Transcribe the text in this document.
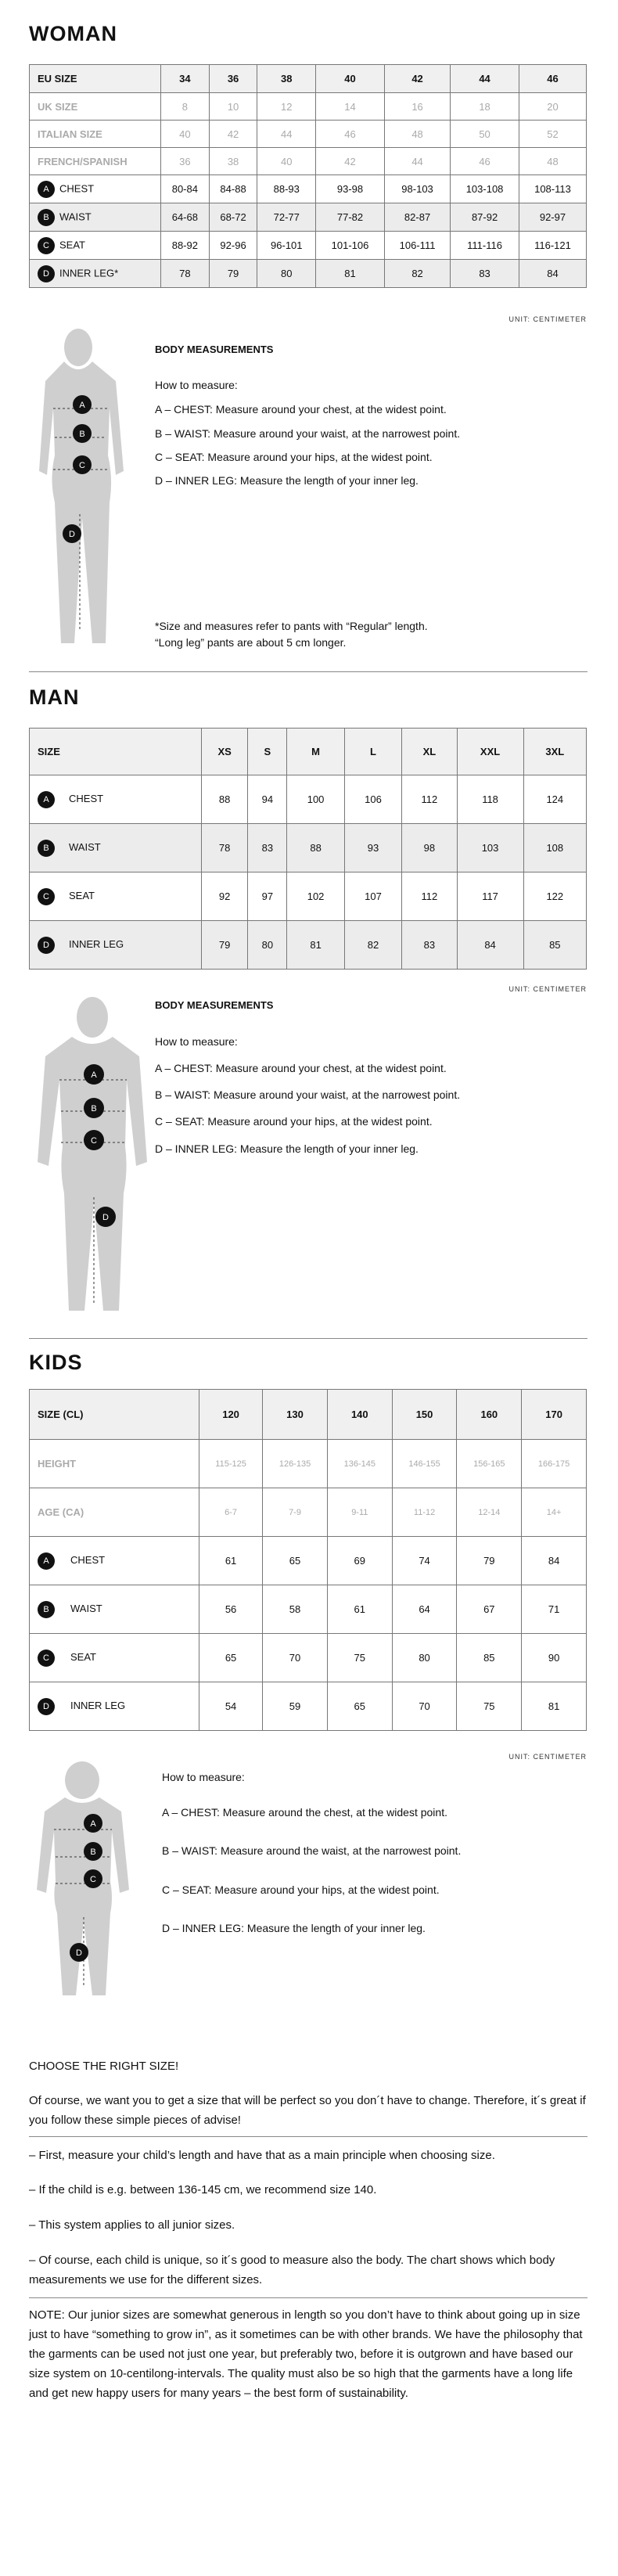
WOMAN
EU SIZE	34	36	38	40	42	44	46
UK SIZE	8	10	12	14	16	18	20
ITALIAN SIZE	40	42	44	46	48	50	52
FRENCH/SPANISH	36	38	40	42	44	46	48
A CHEST	80-84	84-88	88-93	93-98	98-103	103-108	108-113
B WAIST	64-68	68-72	72-77	77-82	82-87	87-92	92-97
C SEAT	88-92	92-96	96-101	101-106	106-111	111-116	116-121
D INNER LEG*	78	79	80	81	82	83	84
UNIT: CENTIMETER
A
B
C
D
BODY MEASUREMENTS
How to measure:
A – CHEST: Measure around your chest, at the widest point.
B – WAIST: Measure around your waist, at the narrowest point.
C – SEAT: Measure around your hips, at the widest point.
D – INNER LEG: Measure the length of your inner leg.
*Size and measures refer to pants with “Regular” length.
“Long leg” pants are about 5 cm longer.
MAN
SIZE	XS	S	M	L	XL	XXL	3XL
A CHEST	88	94	100	106	112	118	124
B WAIST	78	83	88	93	98	103	108
C SEAT	92	97	102	107	112	117	122
D INNER LEG	79	80	81	82	83	84	85
UNIT: CENTIMETER
A
B
C
D
BODY MEASUREMENTS
How to measure:
A – CHEST: Measure around your chest, at the widest point.
B – WAIST: Measure around your waist, at the narrowest point.
C – SEAT: Measure around your hips, at the widest point.
D – INNER LEG: Measure the length of your inner leg.
KIDS
SIZE (CL)	120	130	140	150	160	170
HEIGHT	115-125	126-135	136-145	146-155	156-165	166-175
AGE (CA)	6-7	7-9	9-11	11-12	12-14	14+
A CHEST	61	65	69	74	79	84
B WAIST	56	58	61	64	67	71
C SEAT	65	70	75	80	85	90
D INNER LEG	54	59	65	70	75	81
UNIT: CENTIMETER
A
B
C
D
How to measure:
A – CHEST: Measure around the chest, at the widest point.
B – WAIST: Measure around the waist, at the narrowest point.
C – SEAT: Measure around your hips, at the widest point.
D – INNER LEG: Measure the length of your inner leg.
CHOOSE THE RIGHT SIZE!
Of course, we want you to get a size that will be perfect so you don´t have to change. Therefore, it´s great if you follow these simple pieces of advise!
– First, measure your child’s length and have that as a main principle when choosing size.
– If the child is e.g. between 136-145 cm, we recommend size 140.
– This system applies to all junior sizes.
– Of course, each child is unique, so it´s good to measure also the body. The chart shows which body measurements we use for the different sizes.
NOTE: Our junior sizes are somewhat generous in length so you don’t have to think about going up in size just to have “something to grow in”, as it sometimes can be with other brands. We have the philosophy that the garments can be used not just one year, but preferably two, before it is outgrown and have based our size system on 10-centilong-intervals. The quality must also be so high that the garments have a long life and get new happy users for many years – the best form of sustainability.
